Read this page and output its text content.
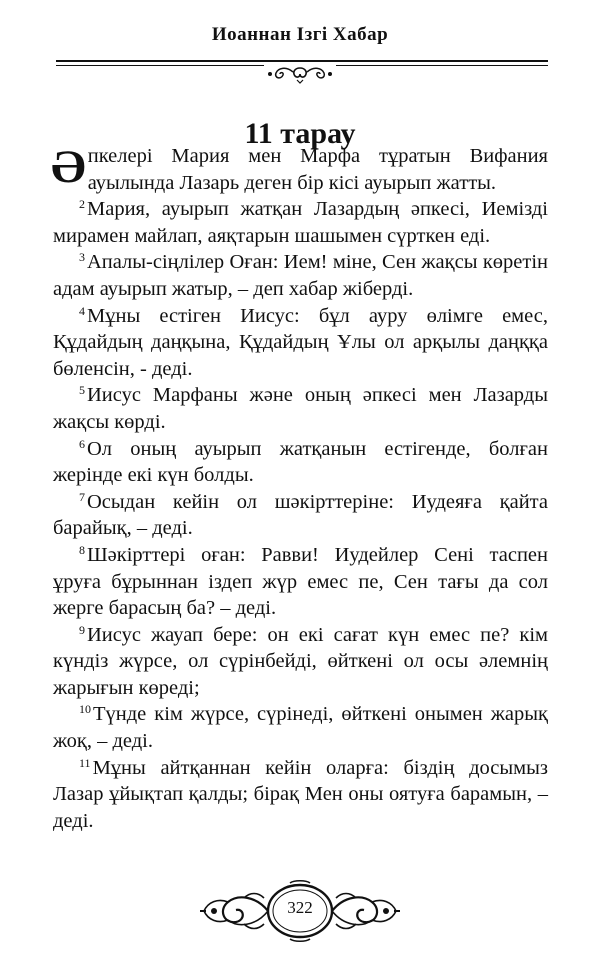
Иоаннан Ізгі Хабар
11 тарау

Әпкелері Мария мен Марфа тұратын Вифания ауылында Лазарь деген бір кісі ауырып жатты.

$^2$Мария, ауырып жатқан Лазардың әпкесі, Иемізді мирамен майлап, аяқтарын шашымен сүрткен еді.

$^3$Апалы-сіңлілер Оған: Ием! міне, Сен жақсы көретін адам ауырып жатыр, – деп хабар жіберді.

$^4$Мұны естіген Иисус: бұл ауру өлімге емес, Құдайдың даңқына, Құдайдың Ұлы ол арқылы даңққа бөленсін, - деді.

$^5$Иисус Марфаны және оның әпкесі мен Лазарды жақсы көрді.

$^6$Ол оның ауырып жатқанын естігенде, болған жерінде екі күн болды.

$^7$Осыдан кейін ол шәкірттеріне: Иудеяға қайта барайық, – деді.

$^8$Шәкірттері оған: Равви! Иудейлер Сені таспен ұруға бұрыннан іздеп жүр емес пе, Сен тағы да сол жерге барасың ба? – деді.

$^9$Иисус жауап бере: он екі сағат күн емес пе? кім күндіз жүрсе, ол сүрінбейді, өйткені ол осы әлемнің жарығын көреді;

$^{10}$Түнде кім жүрсе, сүрінеді, өйткені онымен жарық жоқ, – деді.

$^{11}$Мұны айтқаннан кейін оларға: біздің досымыз Лазар ұйықтап қалды; бірақ Мен оны оятуға барамын, – деді.

322
